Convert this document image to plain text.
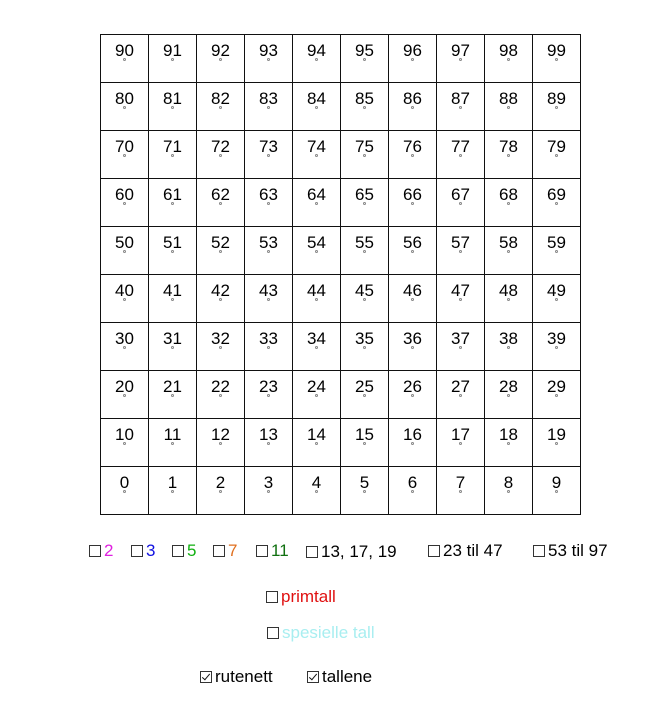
90	91	92	93	94	95	96	97	98	99
80	81	82	83	84	85	86	87	88	89
70	71	72	73	74	75	76	77	78	79
60	61	62	63	64	65	66	67	68	69
50	51	52	53	54	55	56	57	58	59
40	41	42	43	44	45	46	47	48	49
30	31	32	33	34	35	36	37	38	39
20	21	22	23	24	25	26	27	28	29
10	11	12	13	14	15	16	17	18	19
0	1	2	3	4	5	6	7	8	9
2 3 5 7 11 13, 17, 19	23 til 47	53 til 97
primtall
spesielle tall
rutenett	tallene
